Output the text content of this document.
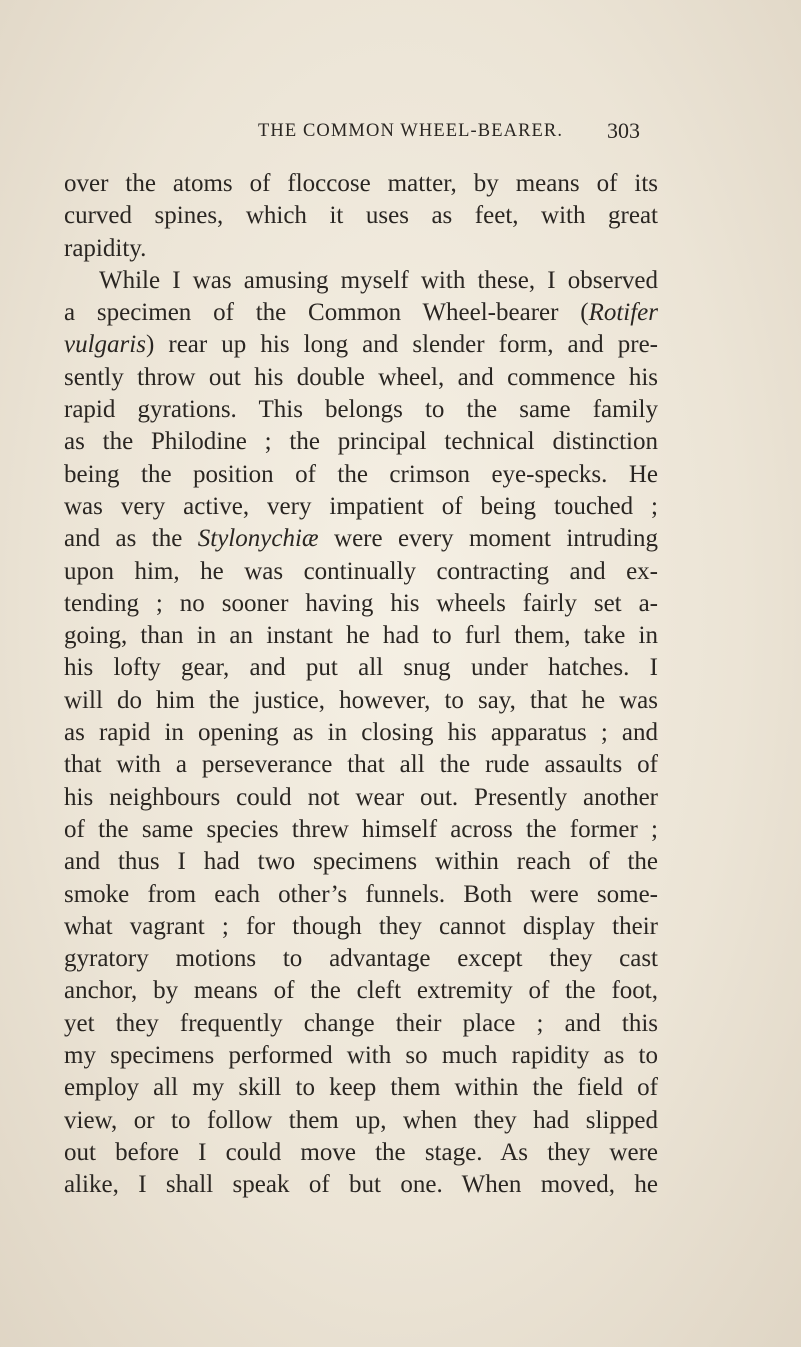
THE COMMON WHEEL-BEARER. 303
over the atoms of floccose matter, by means of its
curved spines, which it uses as feet, with great
rapidity.
While I was amusing myself with these, I observed
a specimen of the Common Wheel-bearer (Rotifer
vulgaris) rear up his long and slender form, and pre-
sently throw out his double wheel, and commence his
rapid gyrations. This belongs to the same family
as the Philodine ; the principal technical distinction
being the position of the crimson eye-specks. He
was very active, very impatient of being touched ;
and as the Stylonychiæ were every moment intruding
upon him, he was continually contracting and ex-
tending ; no sooner having his wheels fairly set a-
going, than in an instant he had to furl them, take in
his lofty gear, and put all snug under hatches. I
will do him the justice, however, to say, that he was
as rapid in opening as in closing his apparatus ; and
that with a perseverance that all the rude assaults of
his neighbours could not wear out. Presently another
of the same species threw himself across the former ;
and thus I had two specimens within reach of the
smoke from each other’s funnels. Both were some-
what vagrant ; for though they cannot display their
gyratory motions to advantage except they cast
anchor, by means of the cleft extremity of the foot,
yet they frequently change their place ; and this
my specimens performed with so much rapidity as to
employ all my skill to keep them within the field of
view, or to follow them up, when they had slipped
out before I could move the stage. As they were
alike, I shall speak of but one. When moved, he
